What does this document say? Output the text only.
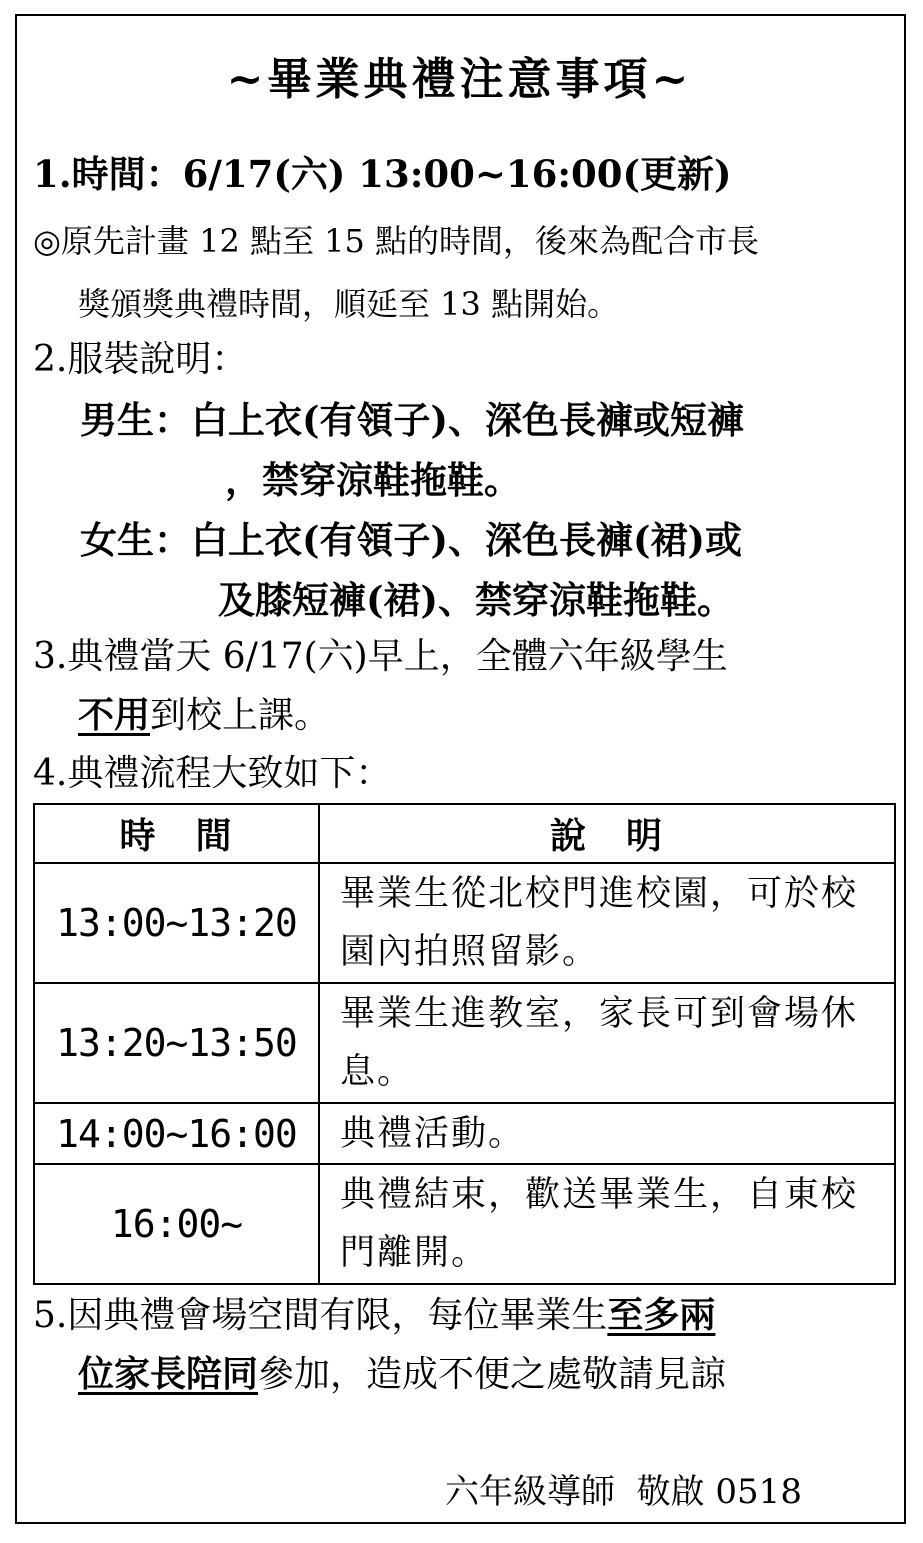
~畢業典禮注意事項~
1.時間：6/17(六) 13:00~16:00(更新)
◎原先計畫 12 點至 15 點的時間，後來為配合市長
獎頒獎典禮時間，順延至 13 點開始。
2.服裝說明：
男生：白上衣(有領子)、深色長褲或短褲
，禁穿涼鞋拖鞋。
女生：白上衣(有領子)、深色長褲(裙)或
及膝短褲(裙)、禁穿涼鞋拖鞋。
3.典禮當天 6/17(六)早上，全體六年級學生
不用到校上課。
4.典禮流程大致如下：
時　間	說　明
13:00~13:20	畢業生從北校門進校園，可於校園內拍照留影。
13:20~13:50	畢業生進教室，家長可到會場休息。
14:00~16:00	典禮活動。
16:00~	典禮結束，歡送畢業生，自東校門離開。
5.因典禮會場空間有限，每位畢業生至多兩
位家長陪同參加，造成不便之處敬請見諒
六年級導師  敬啟 0518
